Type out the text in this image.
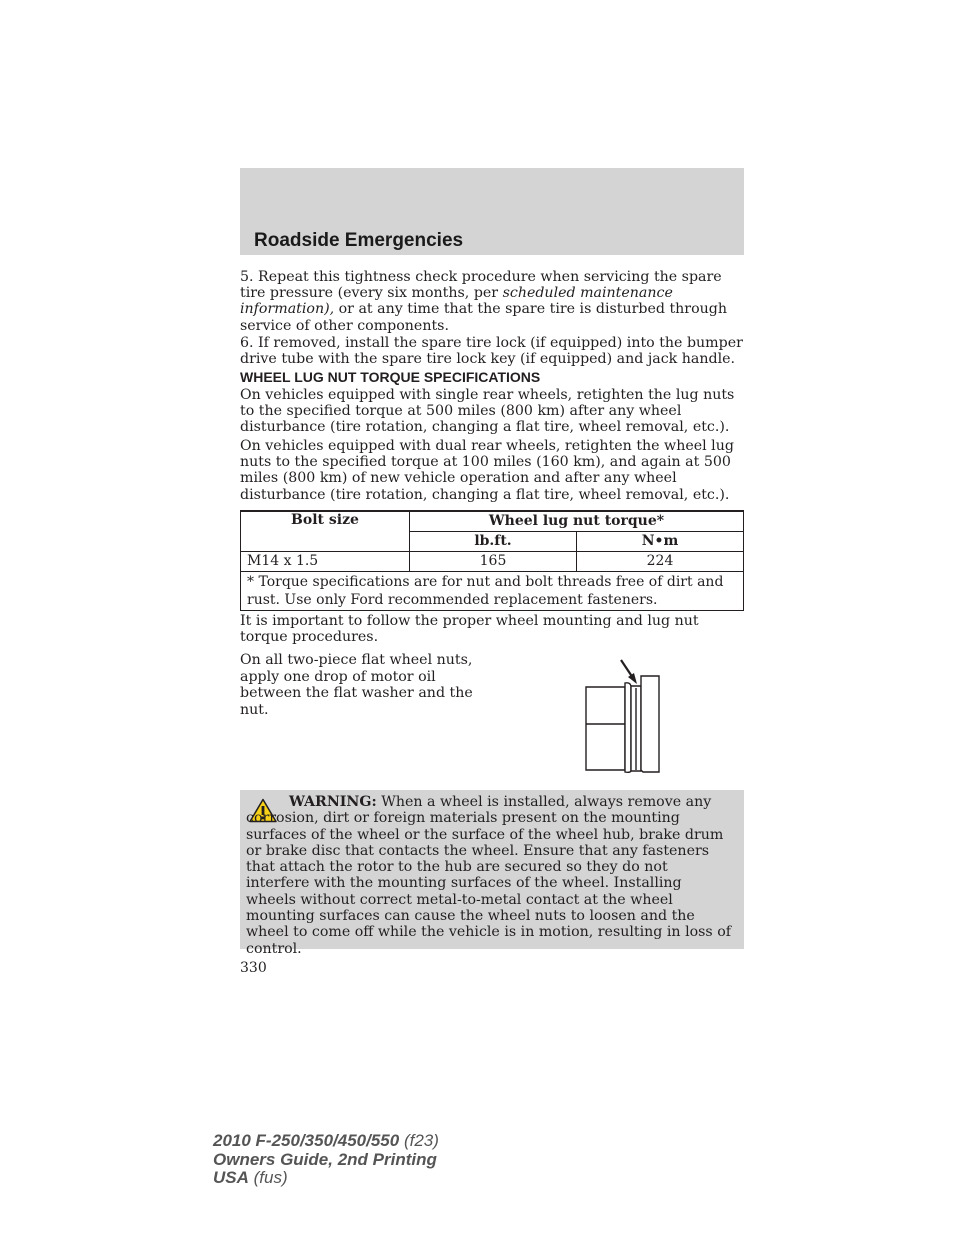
Roadside Emergencies

5. Repeat this tightness check procedure when servicing the spare tire pressure (every six months, per scheduled maintenance information), or at any time that the spare tire is disturbed through service of other components.

6. If removed, install the spare tire lock (if equipped) into the bumper drive tube with the spare tire lock key (if equipped) and jack handle.

WHEEL LUG NUT TORQUE SPECIFICATIONS

On vehicles equipped with single rear wheels, retighten the lug nuts to the specified torque at 500 miles (800 km) after any wheel disturbance (tire rotation, changing a flat tire, wheel removal, etc.).

On vehicles equipped with dual rear wheels, retighten the wheel lug nuts to the specified torque at 100 miles (160 km), and again at 500 miles (800 km) of new vehicle operation and after any wheel disturbance (tire rotation, changing a flat tire, wheel removal, etc.).

Bolt size	Wheel lug nut torque*	
	lb.ft.	N•m
M14 x 1.5	165	224
* Torque specifications are for nut and bolt threads free of dirt and rust. Use only Ford recommended replacement fasteners.		

It is important to follow the proper wheel mounting and lug nut torque procedures.

On all two-piece flat wheel nuts, apply one drop of motor oil between the flat washer and the nut.

WARNING: When a wheel is installed, always remove any corrosion, dirt or foreign materials present on the mounting surfaces of the wheel or the surface of the wheel hub, brake drum or brake disc that contacts the wheel. Ensure that any fasteners that attach the rotor to the hub are secured so they do not interfere with the mounting surfaces of the wheel. Installing wheels without correct metal-to-metal contact at the wheel mounting surfaces can cause the wheel nuts to loosen and the wheel to come off while the vehicle is in motion, resulting in loss of control.

330
2010 F-250/350/450/550 (f23)
Owners Guide, 2nd Printing
USA (fus)
